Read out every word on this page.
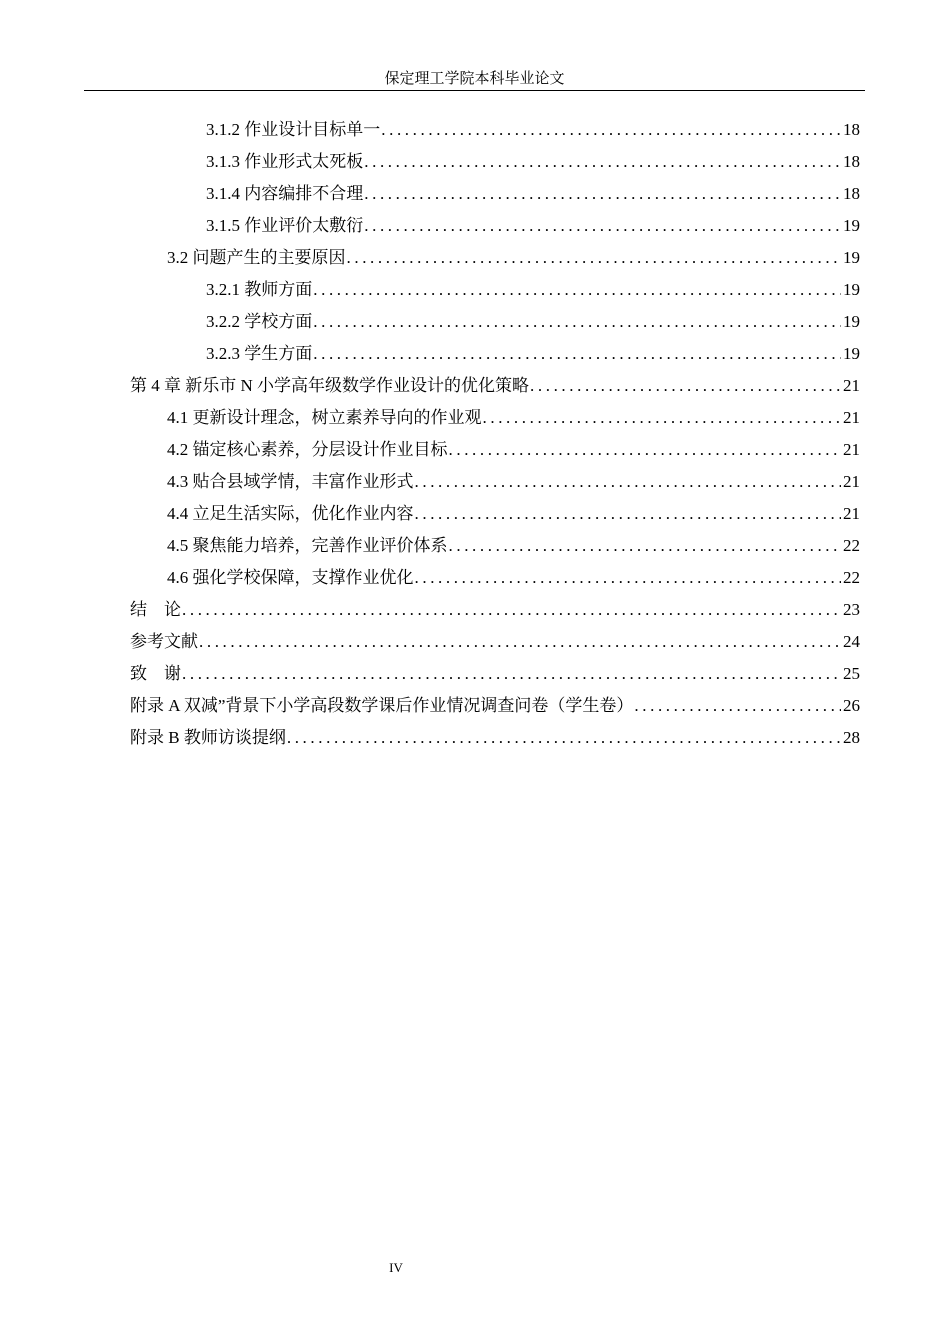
保定理工学院本科毕业论文
3.1.2 作业设计目标单一 .....	18
3.1.3 作业形式太死板 .....	18
3.1.4 内容编排不合理 .....	18
3.1.5 作业评价太敷衍 .....	19
3.2 问题产生的主要原因 .....	19
3.2.1 教师方面 .....	19
3.2.2 学校方面 .....	19
3.2.3 学生方面 .....	19
第 4 章 新乐市 N 小学高年级数学作业设计的优化策略 .....	21
4.1 更新设计理念，树立素养导向的作业观 .....	21
4.2 锚定核心素养，分层设计作业目标 .....	21
4.3 贴合县域学情，丰富作业形式 .....	21
4.4 立足生活实际，优化作业内容 .....	21
4.5 聚焦能力培养，完善作业评价体系 .....	22
4.6 强化学校保障，支撑作业优化 .....	22
结　论 .....	23
参考文献 .....	24
致　谢 .....	25
附录 A 双减”背景下小学高段数学课后作业情况调查问卷（学生卷） .....	26
附录 B 教师访谈提纲 .....	28
IV
